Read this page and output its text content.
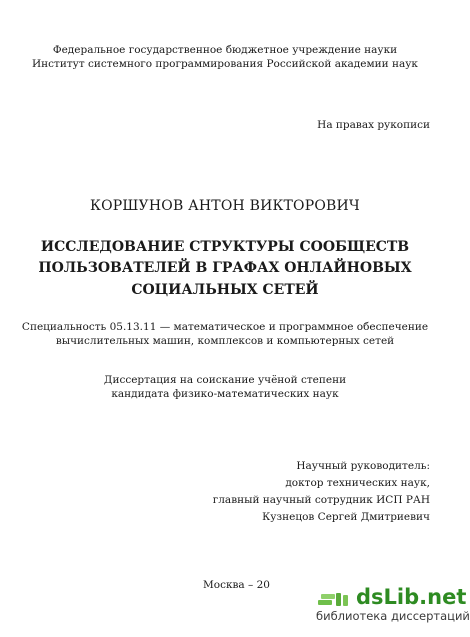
Федеральное государственное бюджетное учреждение науки
Институт системного программирования Российской академии наук
На правах рукописи
КОРШУНОВ АНТОН ВИКТОРОВИЧ
ИССЛЕДОВАНИЕ СТРУКТУРЫ СООБЩЕСТВ
ПОЛЬЗОВАТЕЛЕЙ В ГРАФАХ ОНЛАЙНОВЫХ
СОЦИАЛЬНЫХ СЕТЕЙ
Специальность 05.13.11 — математическое и программное обеспечение
вычислительных машин, комплексов и компьютерных сетей
Диссертация на соискание учёной степени
кандидата физико-математических наук
Научный руководитель:
доктор технических наук,
главный научный сотрудник ИСП РАН
Кузнецов Сергей Дмитриевич
Москва – 20	dsLib.net
библиотека диссертаций
